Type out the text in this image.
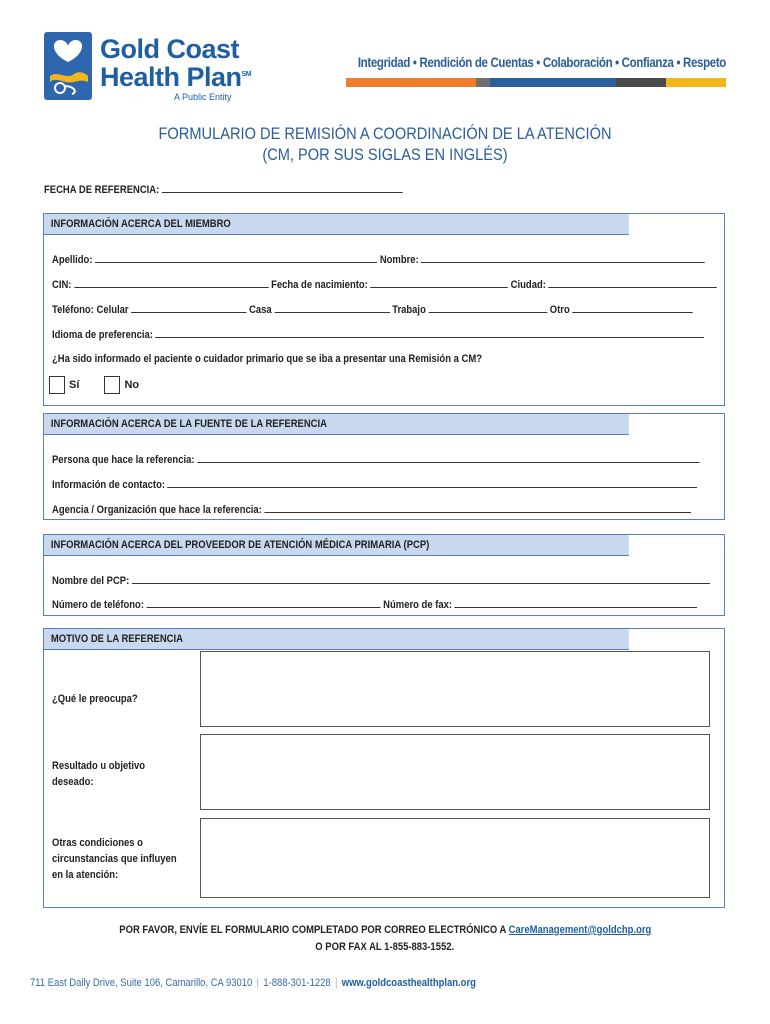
Gold Coast
Health Plan℠
A Public Entity
Integridad • Rendición de Cuentas • Colaboración • Confianza • Respeto
FORMULARIO DE REMISIÓN A COORDINACIÓN DE LA ATENCIÓN
(CM, POR SUS SIGLAS EN INGLÉS)
FECHA DE REFERENCIA:
INFORMACIÓN ACERCA DEL MIEMBRO
Apellido:	Nombre:
CIN:	Fecha de nacimiento:	Ciudad:
Teléfono: Celular	Casa	Trabajo	Otro
Idioma de preferencia:
¿Ha sido informado el paciente o cuidador primario que se iba a presentar una Remisión a CM?
Sí	No
INFORMACIÓN ACERCA DE LA FUENTE DE LA REFERENCIA
Persona que hace la referencia:
Información de contacto:
Agencia / Organización que hace la referencia:
INFORMACIÓN ACERCA DEL PROVEEDOR DE ATENCIÓN MÉDICA PRIMARIA (PCP)
Nombre del PCP:
Número de teléfono:	Número de fax:
MOTIVO DE LA REFERENCIA
¿Qué le preocupa?
Resultado u objetivo
deseado:
Otras condiciones o
circunstancias que influyen
en la atención:
POR FAVOR, ENVÍE EL FORMULARIO COMPLETADO POR CORREO ELECTRÓNICO A CareManagement@goldchp.org
O POR FAX AL 1-855-883-1552.
711 East Daily Drive, Suite 106, Camarillo, CA 93010 | 1-888-301-1228 | www.goldcoasthealthplan.org
